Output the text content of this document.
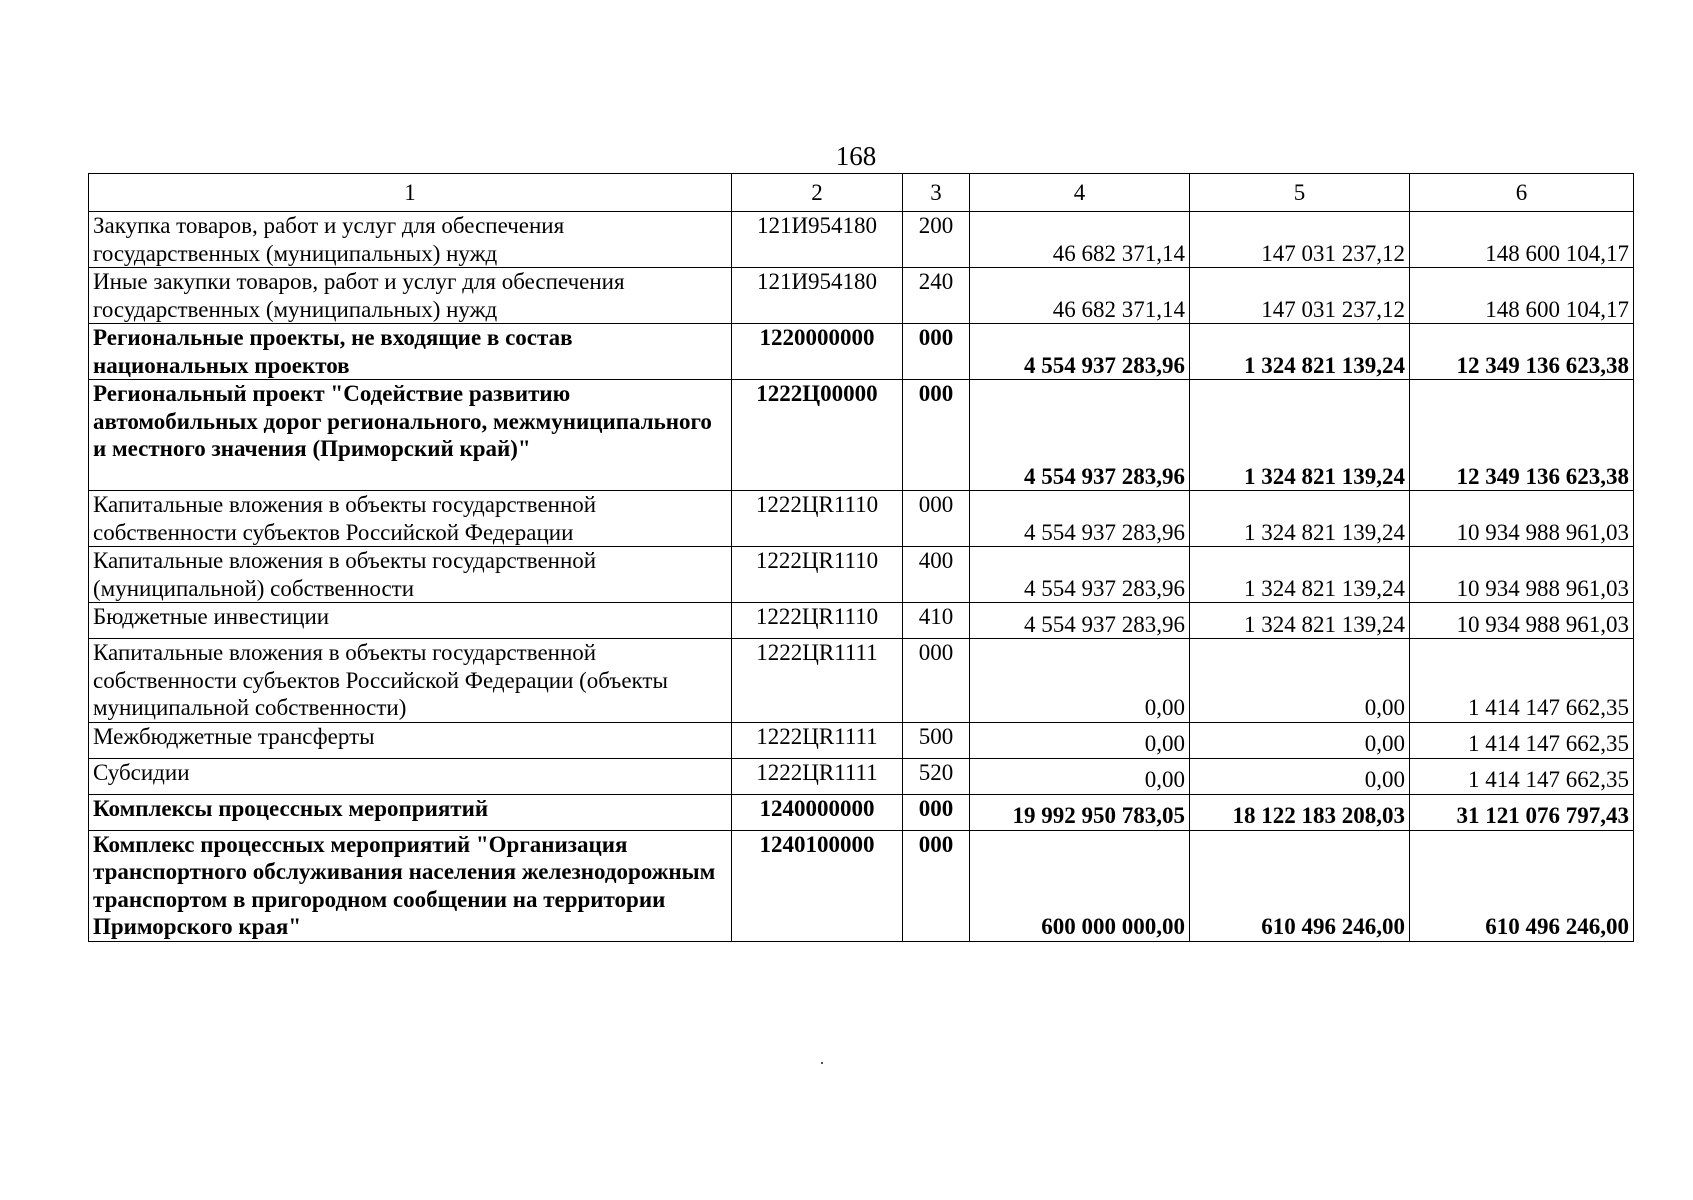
168
1	2	3	4	5	6
Закупка товаров, работ и услуг для обеспечения государственных (муниципальных) нужд	121И954180	200	46 682 371,14	147 031 237,12	148 600 104,17
Иные закупки товаров, работ и услуг для обеспечения государственных (муниципальных) нужд	121И954180	240	46 682 371,14	147 031 237,12	148 600 104,17
Региональные проекты, не входящие в состав национальных проектов	1220000000	000	4 554 937 283,96	1 324 821 139,24	12 349 136 623,38
Региональный проект "Содействие развитию автомобильных дорог регионального, межмуниципального и местного значения (Приморский край)"	1222Ц00000	000	4 554 937 283,96	1 324 821 139,24	12 349 136 623,38
Капитальные вложения в объекты государственной собственности субъектов Российской Федерации	1222ЦR1110	000	4 554 937 283,96	1 324 821 139,24	10 934 988 961,03
Капитальные вложения в объекты государственной (муниципальной) собственности	1222ЦR1110	400	4 554 937 283,96	1 324 821 139,24	10 934 988 961,03
Бюджетные инвестиции	1222ЦR1110	410	4 554 937 283,96	1 324 821 139,24	10 934 988 961,03
Капитальные вложения в объекты государственной собственности субъектов Российской Федерации (объекты муниципальной собственности)	1222ЦR1111	000	0,00	0,00	1 414 147 662,35
Межбюджетные трансферты	1222ЦR1111	500	0,00	0,00	1 414 147 662,35
Субсидии	1222ЦR1111	520	0,00	0,00	1 414 147 662,35
Комплексы процессных мероприятий	1240000000	000	19 992 950 783,05	18 122 183 208,03	31 121 076 797,43
Комплекс процессных мероприятий "Организация транспортного обслуживания населения железнодорожным транспортом в пригородном сообщении на территории Приморского края"	1240100000	000	600 000 000,00	610 496 246,00	610 496 246,00
